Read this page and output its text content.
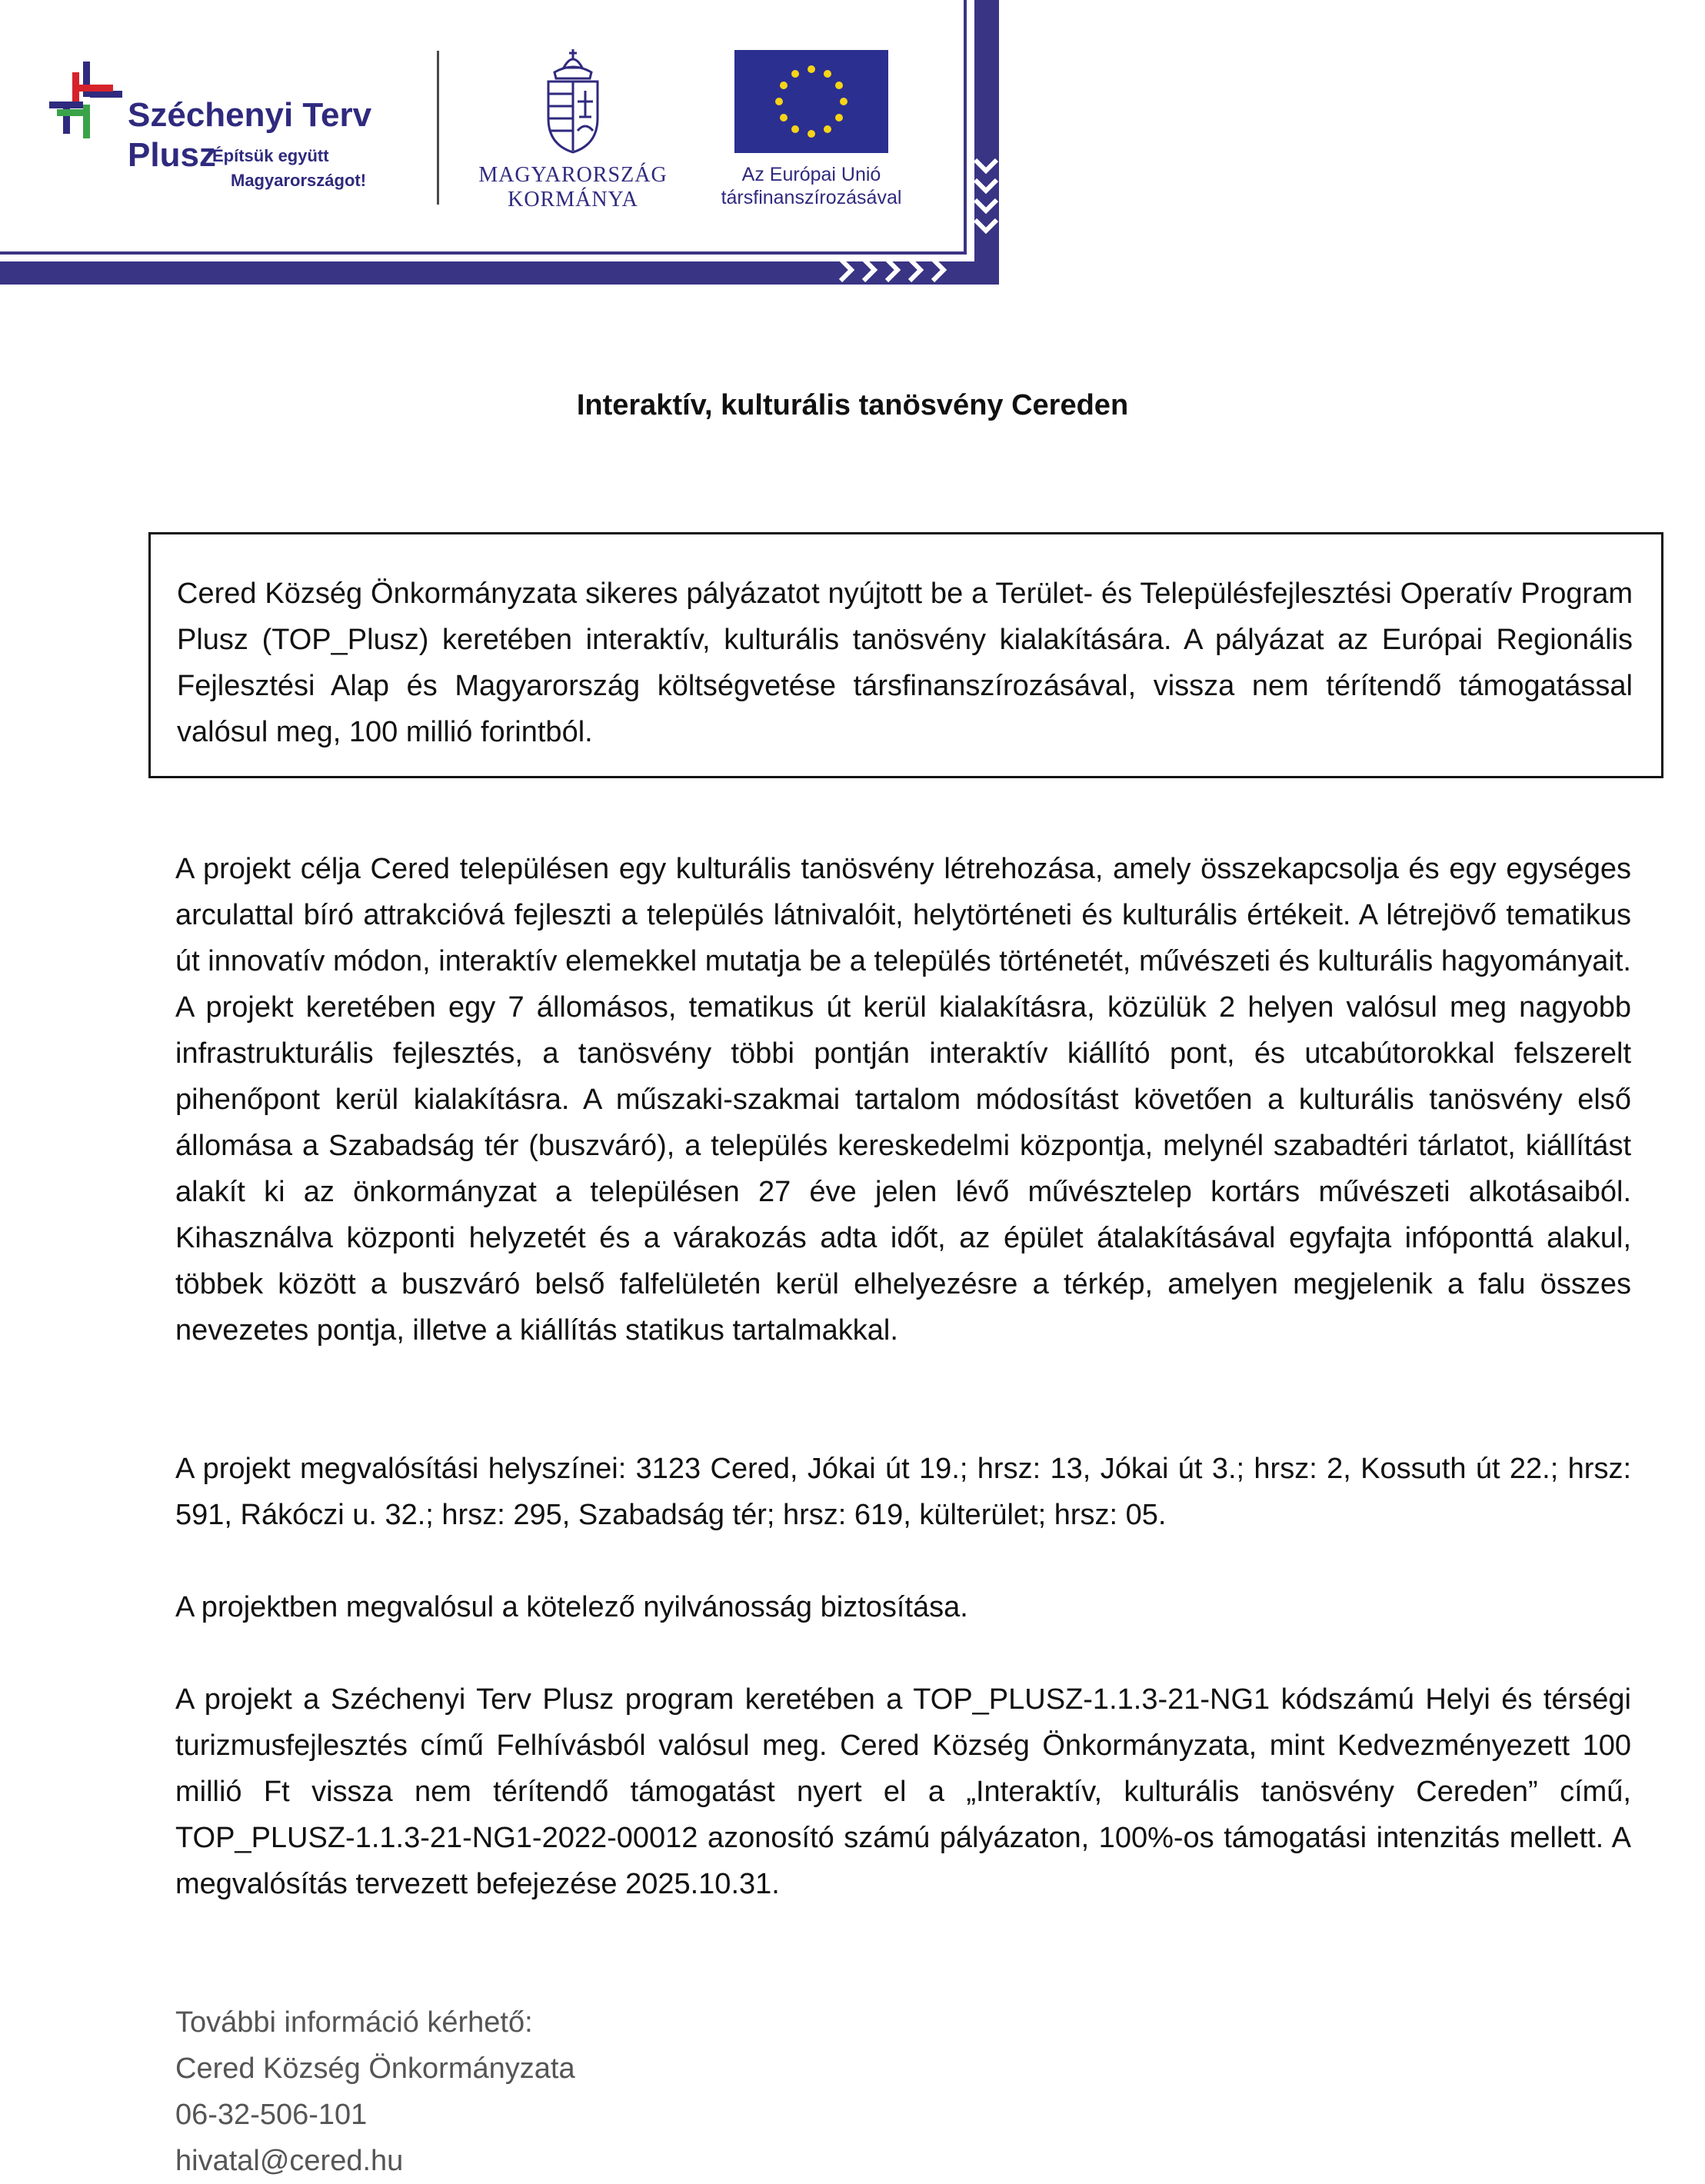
Széchenyi Terv
Plusz
Építsük együtt
Magyarországot!	MAGYARORSZÁG
KORMÁNYA
Az Európai Unió
társfinanszírozásával
Interaktív, kulturális tanösvény Cereden
Cered Község Önkormányzata sikeres pályázatot nyújtott be a Terület- és Településfejlesztési Operatív Program Plusz (TOP_Plusz) keretében interaktív, kulturális tanösvény kialakítására. A pályázat az Európai Regionális Fejlesztési Alap és Magyarország költségvetése társfinanszírozásával, vissza nem térítendő támogatással valósul meg, 100 millió forintból.

A projekt célja Cered településen egy kulturális tanösvény létrehozása, amely összekapcsolja és egy egységes arculattal bíró attrakcióvá fejleszti a település látnivalóit, helytörténeti és kulturális értékeit. A létrejövő tematikus út innovatív módon, interaktív elemekkel mutatja be a település történetét, művészeti és kulturális hagyományait. A projekt keretében egy 7 állomásos, tematikus út kerül kialakításra, közülük 2 helyen valósul meg nagyobb infrastrukturális fejlesztés, a tanösvény többi pontján interaktív kiállító pont, és utcabútorokkal felszerelt pihenőpont kerül kialakításra. A műszaki-szakmai tartalom módosítást követően a kulturális tanösvény első állomása a Szabadság tér (buszváró), a település kereskedelmi központja, melynél szabadtéri tárlatot, kiállítást alakít ki az önkormányzat a településen 27 éve jelen lévő művésztelep kortárs művészeti alkotásaiból. Kihasználva központi helyzetét és a várakozás adta időt, az épület átalakításával egyfajta infóponttá alakul, többek között a buszváró belső falfelületén kerül elhelyezésre a térkép, amelyen megjelenik a falu összes nevezetes pontja, illetve a kiállítás statikus tartalmakkal.

A projekt megvalósítási helyszínei: 3123 Cered, Jókai út 19.; hrsz: 13, Jókai út 3.; hrsz: 2, Kossuth út 22.; hrsz: 591, Rákóczi u. 32.; hrsz: 295, Szabadság tér; hrsz: 619, külterület; hrsz: 05.

A projektben megvalósul a kötelező nyilvánosság biztosítása.

A projekt a Széchenyi Terv Plusz program keretében a TOP_PLUSZ-1.1.3-21-NG1 kódszámú Helyi és térségi turizmusfejlesztés című Felhívásból valósul meg. Cered Község Önkormányzata, mint Kedvezményezett 100 millió Ft vissza nem térítendő támogatást nyert el a „Interaktív, kulturális tanösvény Cereden” című, TOP_PLUSZ-1.1.3-21-NG1-2022-00012 azonosító számú pályázaton, 100%-os támogatási intenzitás mellett. A megvalósítás tervezett befejezése 2025.10.31.

További információ kérhető:
Cered Község Önkormányzata
06-32-506-101
hivatal@cered.hu
